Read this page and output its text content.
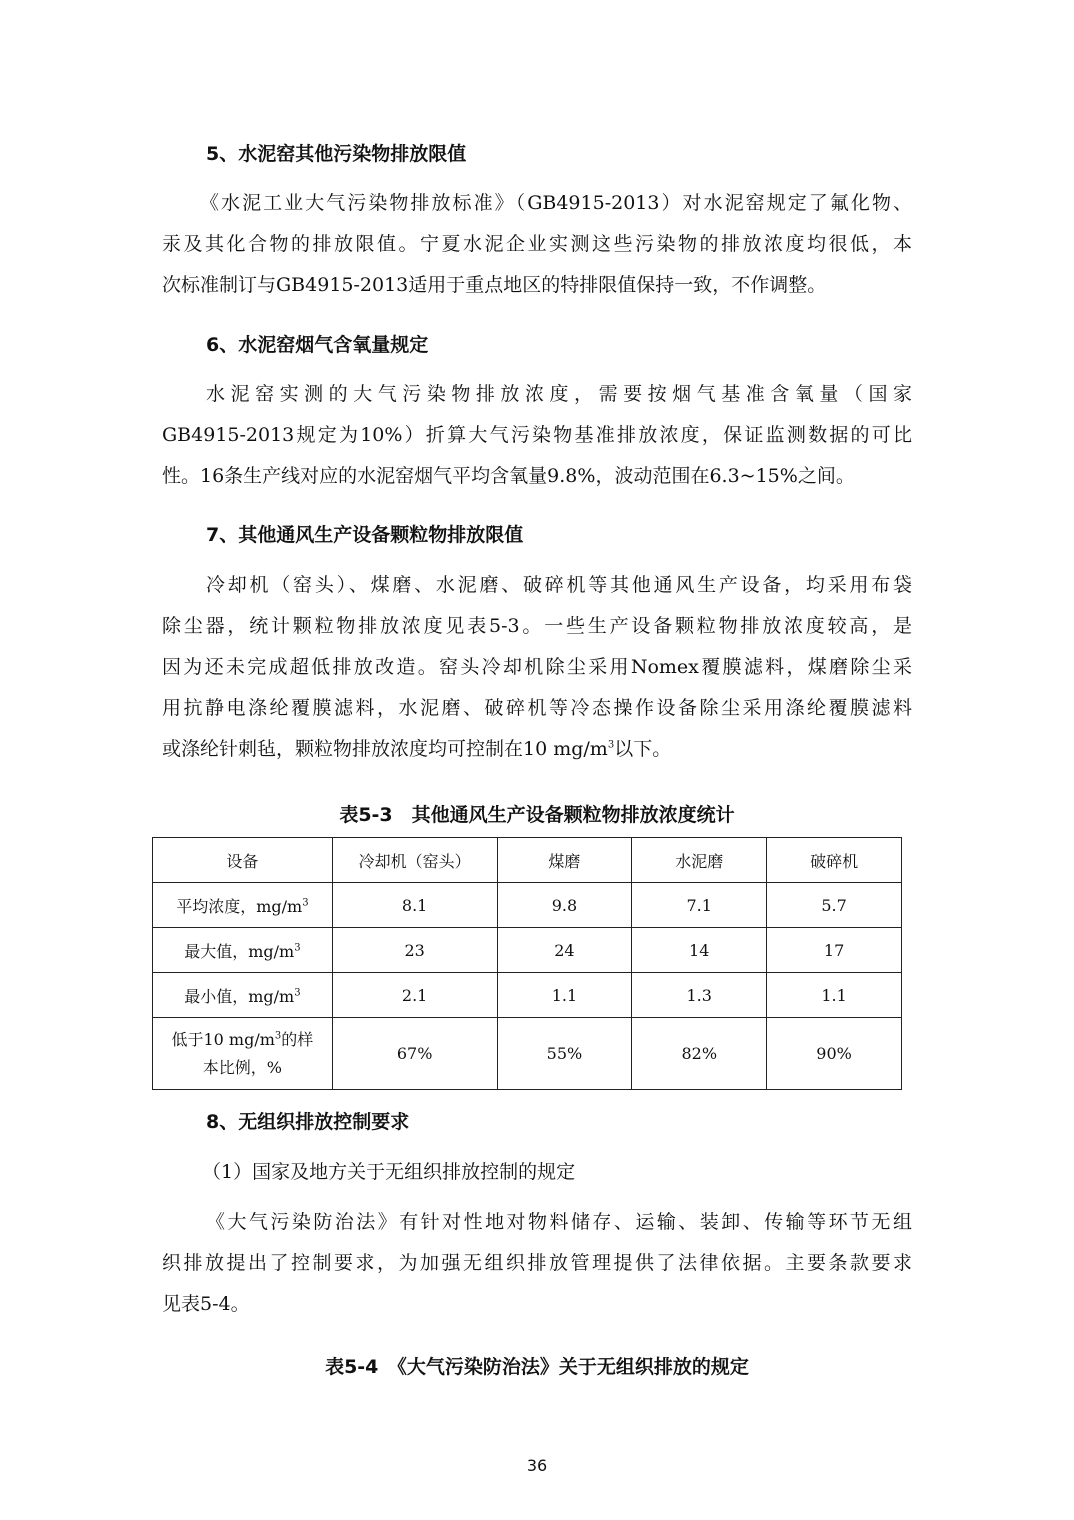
5、水泥窑其他污染物排放限值
《水泥工业大气污染物排放标准》（GB4915-2013）对水泥窑规定了氟化物、
汞及其化合物的排放限值。宁夏水泥企业实测这些污染物的排放浓度均很低，本
次标准制订与GB4915-2013适用于重点地区的特排限值保持一致，不作调整。
6、水泥窑烟气含氧量规定
水泥窑实测的大气污染物排放浓度，需要按烟气基准含氧量（国家
GB4915-2013规定为10%）折算大气污染物基准排放浓度，保证监测数据的可比
性。16条生产线对应的水泥窑烟气平均含氧量9.8%，波动范围在6.3~15%之间。
7、其他通风生产设备颗粒物排放限值
冷却机（窑头）、煤磨、水泥磨、破碎机等其他通风生产设备，均采用布袋
除尘器，统计颗粒物排放浓度见表5-3。一些生产设备颗粒物排放浓度较高，是
因为还未完成超低排放改造。窑头冷却机除尘采用Nomex覆膜滤料，煤磨除尘采
用抗静电涤纶覆膜滤料，水泥磨、破碎机等冷态操作设备除尘采用涤纶覆膜滤料
或涤纶针刺毡，颗粒物排放浓度均可控制在10 $mg/m^3$以下。
表5-3　其他通风生产设备颗粒物排放浓度统计
设备	冷却机（窑头）	煤磨	水泥磨	破碎机
平均浓度，$mg/m^3$	8.1	9.8	7.1	5.7
最大值，$mg/m^3$	23	24	14	17
最小值，$mg/m^3$	2.1	1.1	1.3	1.1
低于10 $mg/m^3$的样
本比例，%	67%	55%	82%	90%
8、无组织排放控制要求
（1）国家及地方关于无组织排放控制的规定
《大气污染防治法》有针对性地对物料储存、运输、装卸、传输等环节无组
织排放提出了控制要求，为加强无组织排放管理提供了法律依据。主要条款要求
见表5-4。
表5-4　《大气污染防治法》关于无组织排放的规定
36
